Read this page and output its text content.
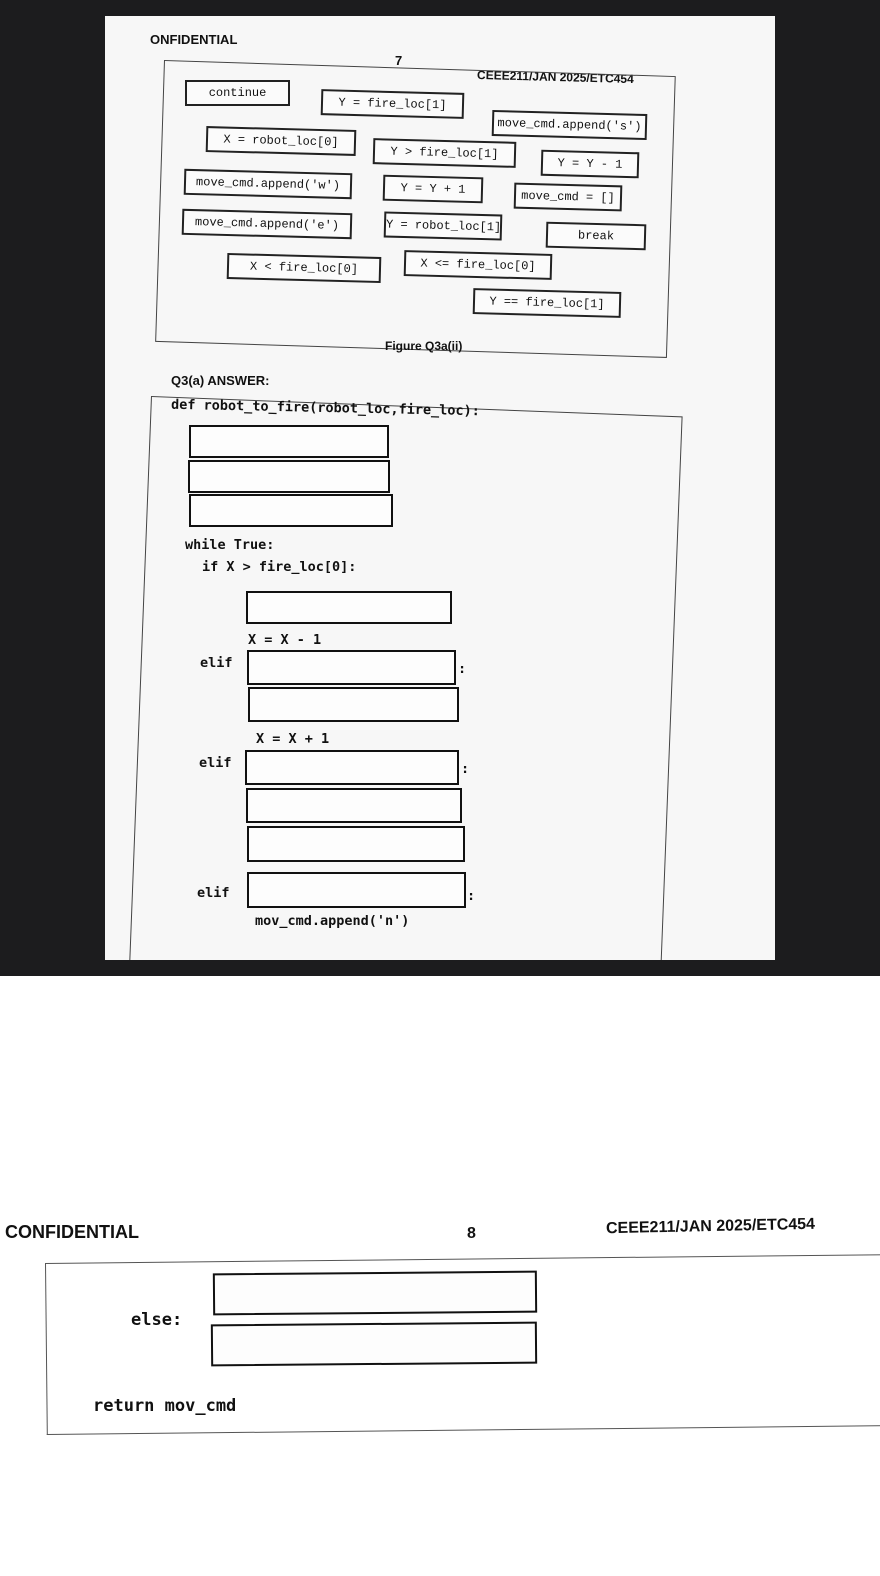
ONFIDENTIAL
7
CEEE211/JAN 2025/ETC454
continue
Y = fire_loc[1]
move_cmd.append('s')
X = robot_loc[0]
Y > fire_loc[1]
Y = Y - 1
move_cmd.append('w')	Y = Y + 1	move_cmd = []
move_cmd.append('e')	Y = robot_loc[1]
break
X < fire_loc[0]	X <= fire_loc[0]
Y == fire_loc[1]
Figure Q3a(ii)
Q3(a) ANSWER:
def robot_to_fire(robot_loc,fire_loc):
while True:
if X > fire_loc[0]:
X = X - 1
elif	:
X = X + 1
elif	:
elif	:
mov_cmd.append('n')
CONFIDENTIAL	8	CEEE211/JAN 2025/ETC454
else:
return mov_cmd
